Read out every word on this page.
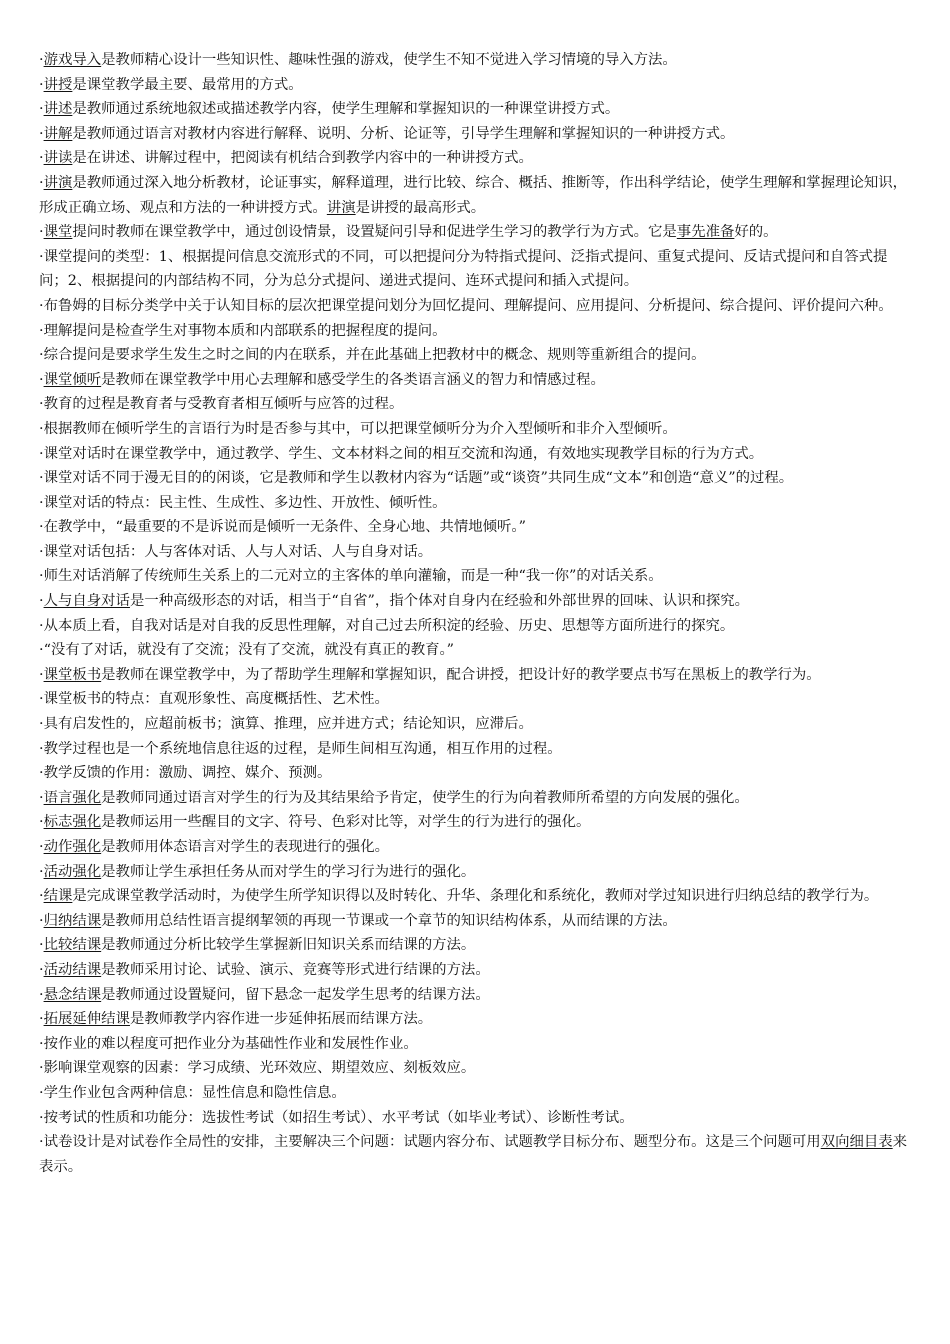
·游戏导入是教师精心设计一些知识性、趣味性强的游戏，使学生不知不觉进入学习情境的导入方法。

·讲授是课堂教学最主要、最常用的方式。

·讲述是教师通过系统地叙述或描述教学内容，使学生理解和掌握知识的一种课堂讲授方式。

·讲解是教师通过语言对教材内容进行解释、说明、分析、论证等，引导学生理解和掌握知识的一种讲授方式。

·讲读是在讲述、讲解过程中，把阅读有机结合到教学内容中的一种讲授方式。

·讲演是教师通过深入地分析教材，论证事实，解释道理，进行比较、综合、概括、推断等，作出科学结论，使学生理解和掌握理论知识，形成正确立场、观点和方法的一种讲授方式。讲演是讲授的最高形式。

·课堂提问时教师在课堂教学中，通过创设情景，设置疑问引导和促进学生学习的教学行为方式。它是事先准备好的。

·课堂提问的类型：1、根据提问信息交流形式的不同，可以把提问分为特指式提问、泛指式提问、重复式提问、反诘式提问和自答式提问；2、根据提问的内部结构不同，分为总分式提问、递进式提问、连环式提问和插入式提问。

·布鲁姆的目标分类学中关于认知目标的层次把课堂提问划分为回忆提问、理解提问、应用提问、分析提问、综合提问、评价提问六种。

·理解提问是检查学生对事物本质和内部联系的把握程度的提问。

·综合提问是要求学生发生之时之间的内在联系，并在此基础上把教材中的概念、规则等重新组合的提问。

·课堂倾听是教师在课堂教学中用心去理解和感受学生的各类语言涵义的智力和情感过程。

·教育的过程是教育者与受教育者相互倾听与应答的过程。

·根据教师在倾听学生的言语行为时是否参与其中，可以把课堂倾听分为介入型倾听和非介入型倾听。

·课堂对话时在课堂教学中，通过教学、学生、文本材料之间的相互交流和沟通，有效地实现教学目标的行为方式。

·课堂对话不同于漫无目的的闲谈，它是教师和学生以教材内容为“话题”或“谈资”共同生成“文本”和创造“意义”的过程。

·课堂对话的特点：民主性、生成性、多边性、开放性、倾听性。

·在教学中，“最重要的不是诉说而是倾听一无条件、全身心地、共情地倾听。”

·课堂对话包括：人与客体对话、人与人对话、人与自身对话。

·师生对话消解了传统师生关系上的二元对立的主客体的单向灌输，而是一种“我一你”的对话关系。

·人与自身对话是一种高级形态的对话，相当于“自省”，指个体对自身内在经验和外部世界的回味、认识和探究。

·从本质上看，自我对话是对自我的反思性理解，对自己过去所积淀的经验、历史、思想等方面所进行的探究。

·“没有了对话，就没有了交流；没有了交流，就没有真正的教育。”

·课堂板书是教师在课堂教学中，为了帮助学生理解和掌握知识，配合讲授，把设计好的教学要点书写在黑板上的教学行为。

·课堂板书的特点：直观形象性、高度概括性、艺术性。

·具有启发性的，应超前板书；演算、推理，应并进方式；结论知识，应滞后。

·教学过程也是一个系统地信息往返的过程，是师生间相互沟通，相互作用的过程。

·教学反馈的作用：激励、调控、媒介、预测。

·语言强化是教师同通过语言对学生的行为及其结果给予肯定，使学生的行为向着教师所希望的方向发展的强化。

·标志强化是教师运用一些醒目的文字、符号、色彩对比等，对学生的行为进行的强化。

·动作强化是教师用体态语言对学生的表现进行的强化。

·活动强化是教师让学生承担任务从而对学生的学习行为进行的强化。

·结课是完成课堂教学活动时，为使学生所学知识得以及时转化、升华、条理化和系统化，教师对学过知识进行归纳总结的教学行为。

·归纳结课是教师用总结性语言提纲挈领的再现一节课或一个章节的知识结构体系，从而结课的方法。

·比较结课是教师通过分析比较学生掌握新旧知识关系而结课的方法。

·活动结课是教师采用讨论、试验、演示、竞赛等形式进行结课的方法。

·悬念结课是教师通过设置疑问，留下悬念一起发学生思考的结课方法。

·拓展延伸结课是教师教学内容作进一步延伸拓展而结课方法。

·按作业的难以程度可把作业分为基础性作业和发展性作业。

·影响课堂观察的因素：学习成绩、光环效应、期望效应、刻板效应。

·学生作业包含两种信息：显性信息和隐性信息。

·按考试的性质和功能分：选拔性考试（如招生考试）、水平考试（如毕业考试）、诊断性考试。

·试卷设计是对试卷作全局性的安排，主要解决三个问题：试题内容分布、试题教学目标分布、题型分布。这是三个问题可用双向细目表来表示。
